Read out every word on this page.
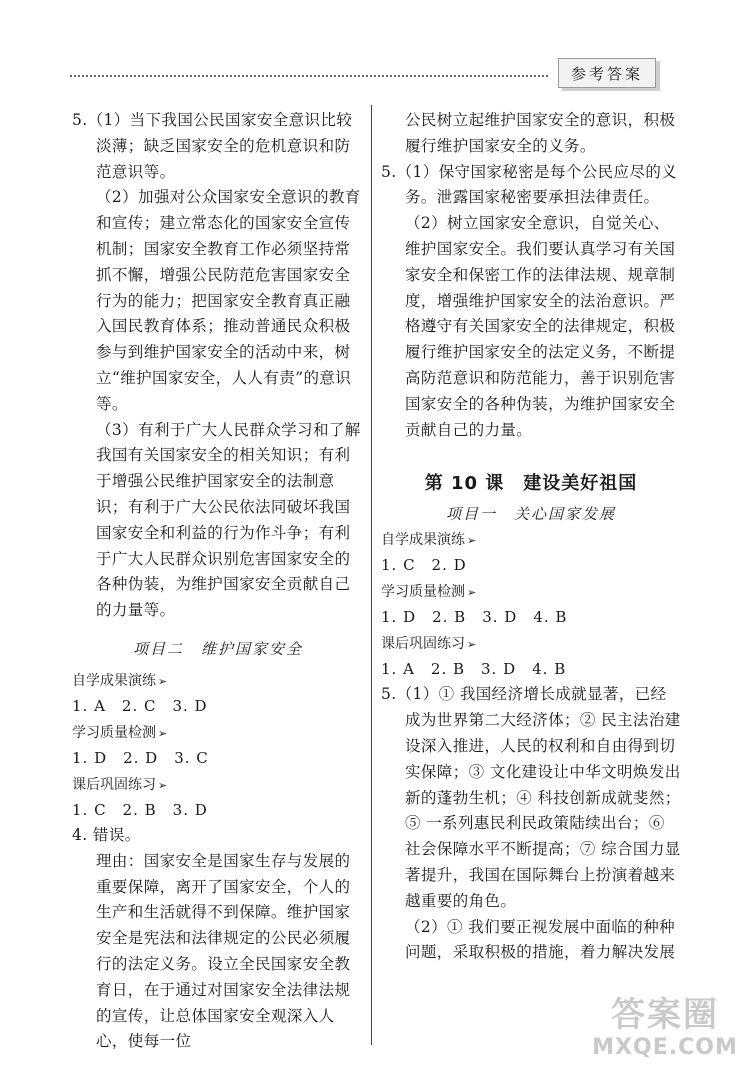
参考答案

5.（1）当下我国公民国家安全意识比较淡薄；缺乏国家安全的危机意识和防范意识等。

（2）加强对公众国家安全意识的教育和宣传；建立常态化的国家安全宣传机制；国家安全教育工作必须坚持常抓不懈，增强公民防范危害国家安全行为的能力；把国家安全教育真正融入国民教育体系；推动普通民众积极参与到维护国家安全的活动中来，树立“维护国家安全，人人有责”的意识等。

（3）有利于广大人民群众学习和了解我国有关国家安全的相关知识；有利于增强公民维护国家安全的法制意识；有利于广大公民依法同破坏我国国家安全和利益的行为作斗争；有利于广大人民群众识别危害国家安全的各种伪装，为维护国家安全贡献自己的力量等。

项目二　维护国家安全

自学成果演练 ➢

1. A　2. C　3. D

学习质量检测 ➢

1. D　2. D　3. C

课后巩固练习 ➢

1. C　2. B　3. D

4. 错误。

理由：国家安全是国家生存与发展的重要保障，离开了国家安全，个人的生产和生活就得不到保障。维护国家安全是宪法和法律规定的公民必须履行的法定义务。设立全民国家安全教育日，在于通过对国家安全法律法规的宣传，让总体国家安全观深入人心，使每一位

公民树立起维护国家安全的意识，积极履行维护国家安全的义务。

5.（1）保守国家秘密是每个公民应尽的义务。泄露国家秘密要承担法律责任。

（2）树立国家安全意识，自觉关心、维护国家安全。我们要认真学习有关国家安全和保密工作的法律法规、规章制度，增强维护国家安全的法治意识。严格遵守有关国家安全的法律规定，积极履行维护国家安全的法定义务，不断提高防范意识和防范能力，善于识别危害国家安全的各种伪装，为维护国家安全贡献自己的力量。

第 10 课　建设美好祖国

项目一　关心国家发展

自学成果演练 ➢

1. C　2. D

学习质量检测 ➢

1. D　2. B　3. D　4. B

课后巩固练习 ➢

1. A　2. B　3. D　4. B

5.（1）① 我国经济增长成就显著，已经成为世界第二大经济体；② 民主法治建设深入推进，人民的权利和自由得到切实保障；③ 文化建设让中华文明焕发出新的蓬勃生机；④ 科技创新成就斐然；⑤ 一系列惠民利民政策陆续出台；⑥ 社会保障水平不断提高；⑦ 综合国力显著提升，我国在国际舞台上扮演着越来越重要的角色。

（2）① 我们要正视发展中面临的种种问题，采取积极的措施，着力解决发展

答案圈
MXQE.COM
